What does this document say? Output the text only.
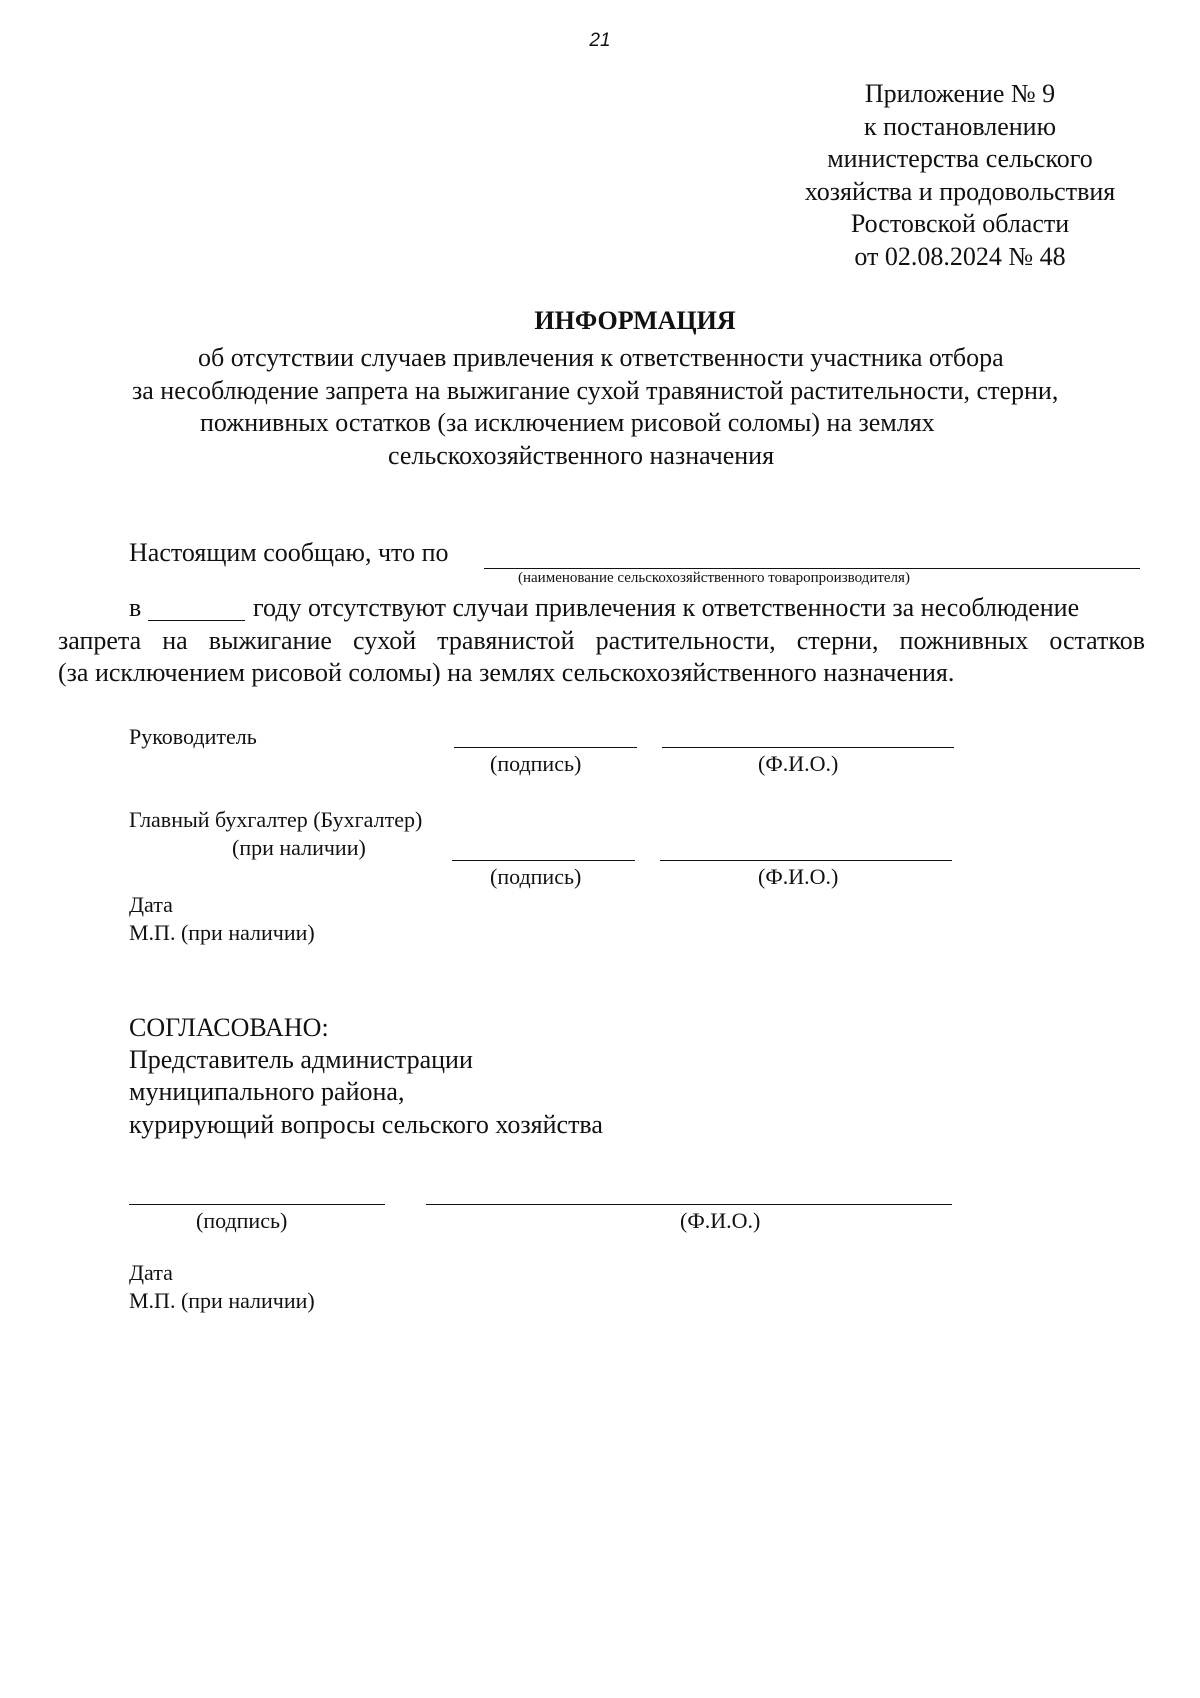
21
Приложение № 9
к постановлению
министерства сельского
хозяйства и продовольствия
Ростовской области
от 02.08.2024 № 48
ИНФОРМАЦИЯ
об отсутствии случаев привлечения к ответственности участника отбора
за несоблюдение запрета на выжигание сухой травянистой растительности, стерни,
пожнивных остатков (за исключением рисовой соломы) на землях
сельскохозяйственного назначения
Настоящим сообщаю, что по
(наименование сельскохозяйственного товаропроизводителя)
в	году отсутствуют случаи привлечения к ответственности за несоблюдение
запрета на выжигание сухой травянистой растительности, стерни, пожнивных остатков
(за исключением рисовой соломы) на землях сельскохозяйственного назначения.
Руководитель
(подпись)	(Ф.И.О.)
Главный бухгалтер (Бухгалтер)
(при наличии)
(подпись)	(Ф.И.О.)
Дата
М.П. (при наличии)
СОГЛАСОВАНО:
Представитель администрации
муниципального района,
курирующий вопросы сельского хозяйства
(подпись)	(Ф.И.О.)
Дата
М.П. (при наличии)
